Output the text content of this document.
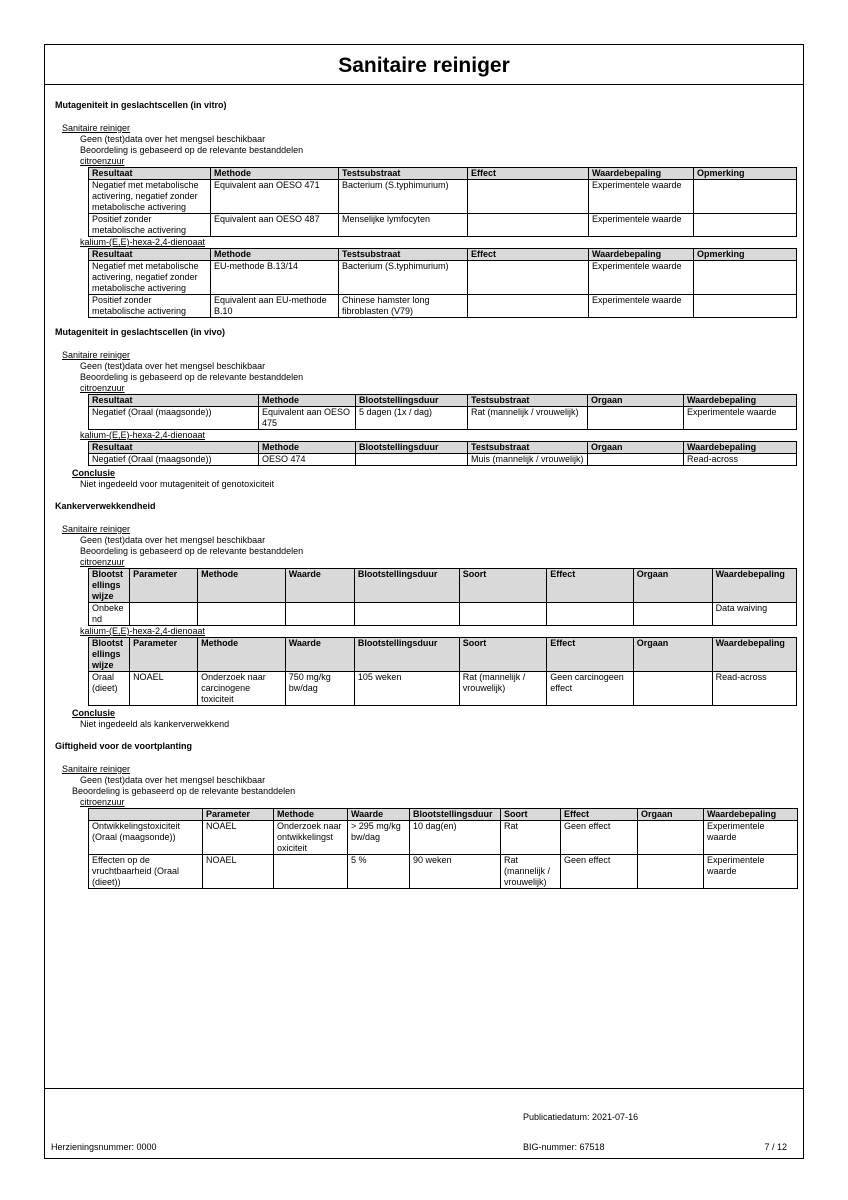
Sanitaire reiniger
Mutageniteit in geslachtscellen (in vitro)
Sanitaire reiniger
Geen (test)data over het mengsel beschikbaar
Beoordeling is gebaseerd op de relevante bestanddelen
citroenzuur
Resultaat	Methode	Testsubstraat	Effect	Waardebepaling	Opmerking
Negatief met metabolische activering, negatief zonder metabolische activering	Equivalent aan OESO 471	Bacterium (S.typhimurium)		Experimentele waarde	
Positief zonder metabolische activering	Equivalent aan OESO 487	Menselijke lymfocyten		Experimentele waarde	
kalium-(E,E)-hexa-2,4-dienoaat
Resultaat	Methode	Testsubstraat	Effect	Waardebepaling	Opmerking
Negatief met metabolische activering, negatief zonder metabolische activering	EU-methode B.13/14	Bacterium (S.typhimurium)		Experimentele waarde	
Positief zonder metabolische activering	Equivalent aan EU-methode B.10	Chinese hamster long fibroblasten (V79)		Experimentele waarde	
Mutageniteit in geslachtscellen (in vivo)
Sanitaire reiniger
Geen (test)data over het mengsel beschikbaar
Beoordeling is gebaseerd op de relevante bestanddelen
citroenzuur
Resultaat	Methode	Blootstellingsduur	Testsubstraat	Orgaan	Waardebepaling
Negatief (Oraal (maagsonde))	Equivalent aan OESO 475	5 dagen (1x / dag)	Rat (mannelijk / vrouwelijk)		Experimentele waarde
kalium-(E,E)-hexa-2,4-dienoaat
Resultaat	Methode	Blootstellingsduur	Testsubstraat	Orgaan	Waardebepaling
Negatief (Oraal (maagsonde))	OESO 474		Muis (mannelijk / vrouwelijk)		Read-across
Conclusie
Niet ingedeeld voor mutageniteit of genotoxiciteit
Kankerverwekkendheid
Sanitaire reiniger
Geen (test)data over het mengsel beschikbaar
Beoordeling is gebaseerd op de relevante bestanddelen
citroenzuur
Blootstellings wijze	Parameter	Methode	Waarde	Blootstellingsduur	Soort	Effect	Orgaan	Waardebepaling
Onbekend								Data waiving
kalium-(E,E)-hexa-2,4-dienoaat
Blootstellings wijze	Parameter	Methode	Waarde	Blootstellingsduur	Soort	Effect	Orgaan	Waardebepaling
Oraal (dieet)	NOAEL	Onderzoek naar carcinogene toxiciteit	750 mg/kg bw/dag	105 weken	Rat (mannelijk / vrouwelijk)	Geen carcinogeen effect		Read-across
Conclusie
Niet ingedeeld als kankerverwekkend
Giftigheid voor de voortplanting
Sanitaire reiniger
Geen (test)data over het mengsel beschikbaar
Beoordeling is gebaseerd op de relevante bestanddelen
citroenzuur
	Parameter	Methode	Waarde	Blootstellingsduur	Soort	Effect	Orgaan	Waardebepaling
Ontwikkelingstoxiciteit (Oraal (maagsonde))	NOAEL	Onderzoek naar ontwikkelingst oxiciteit	> 295 mg/kg bw/dag	10 dag(en)	Rat	Geen effect		Experimentele waarde
Effecten op de vruchtbaarheid (Oraal (dieet))	NOAEL		5 %	90 weken	Rat (mannelijk / vrouwelijk)	Geen effect		Experimentele waarde
Publicatiedatum: 2021-07-16
Herzieningsnummer: 0000	BIG-nummer: 67518	7 / 12
